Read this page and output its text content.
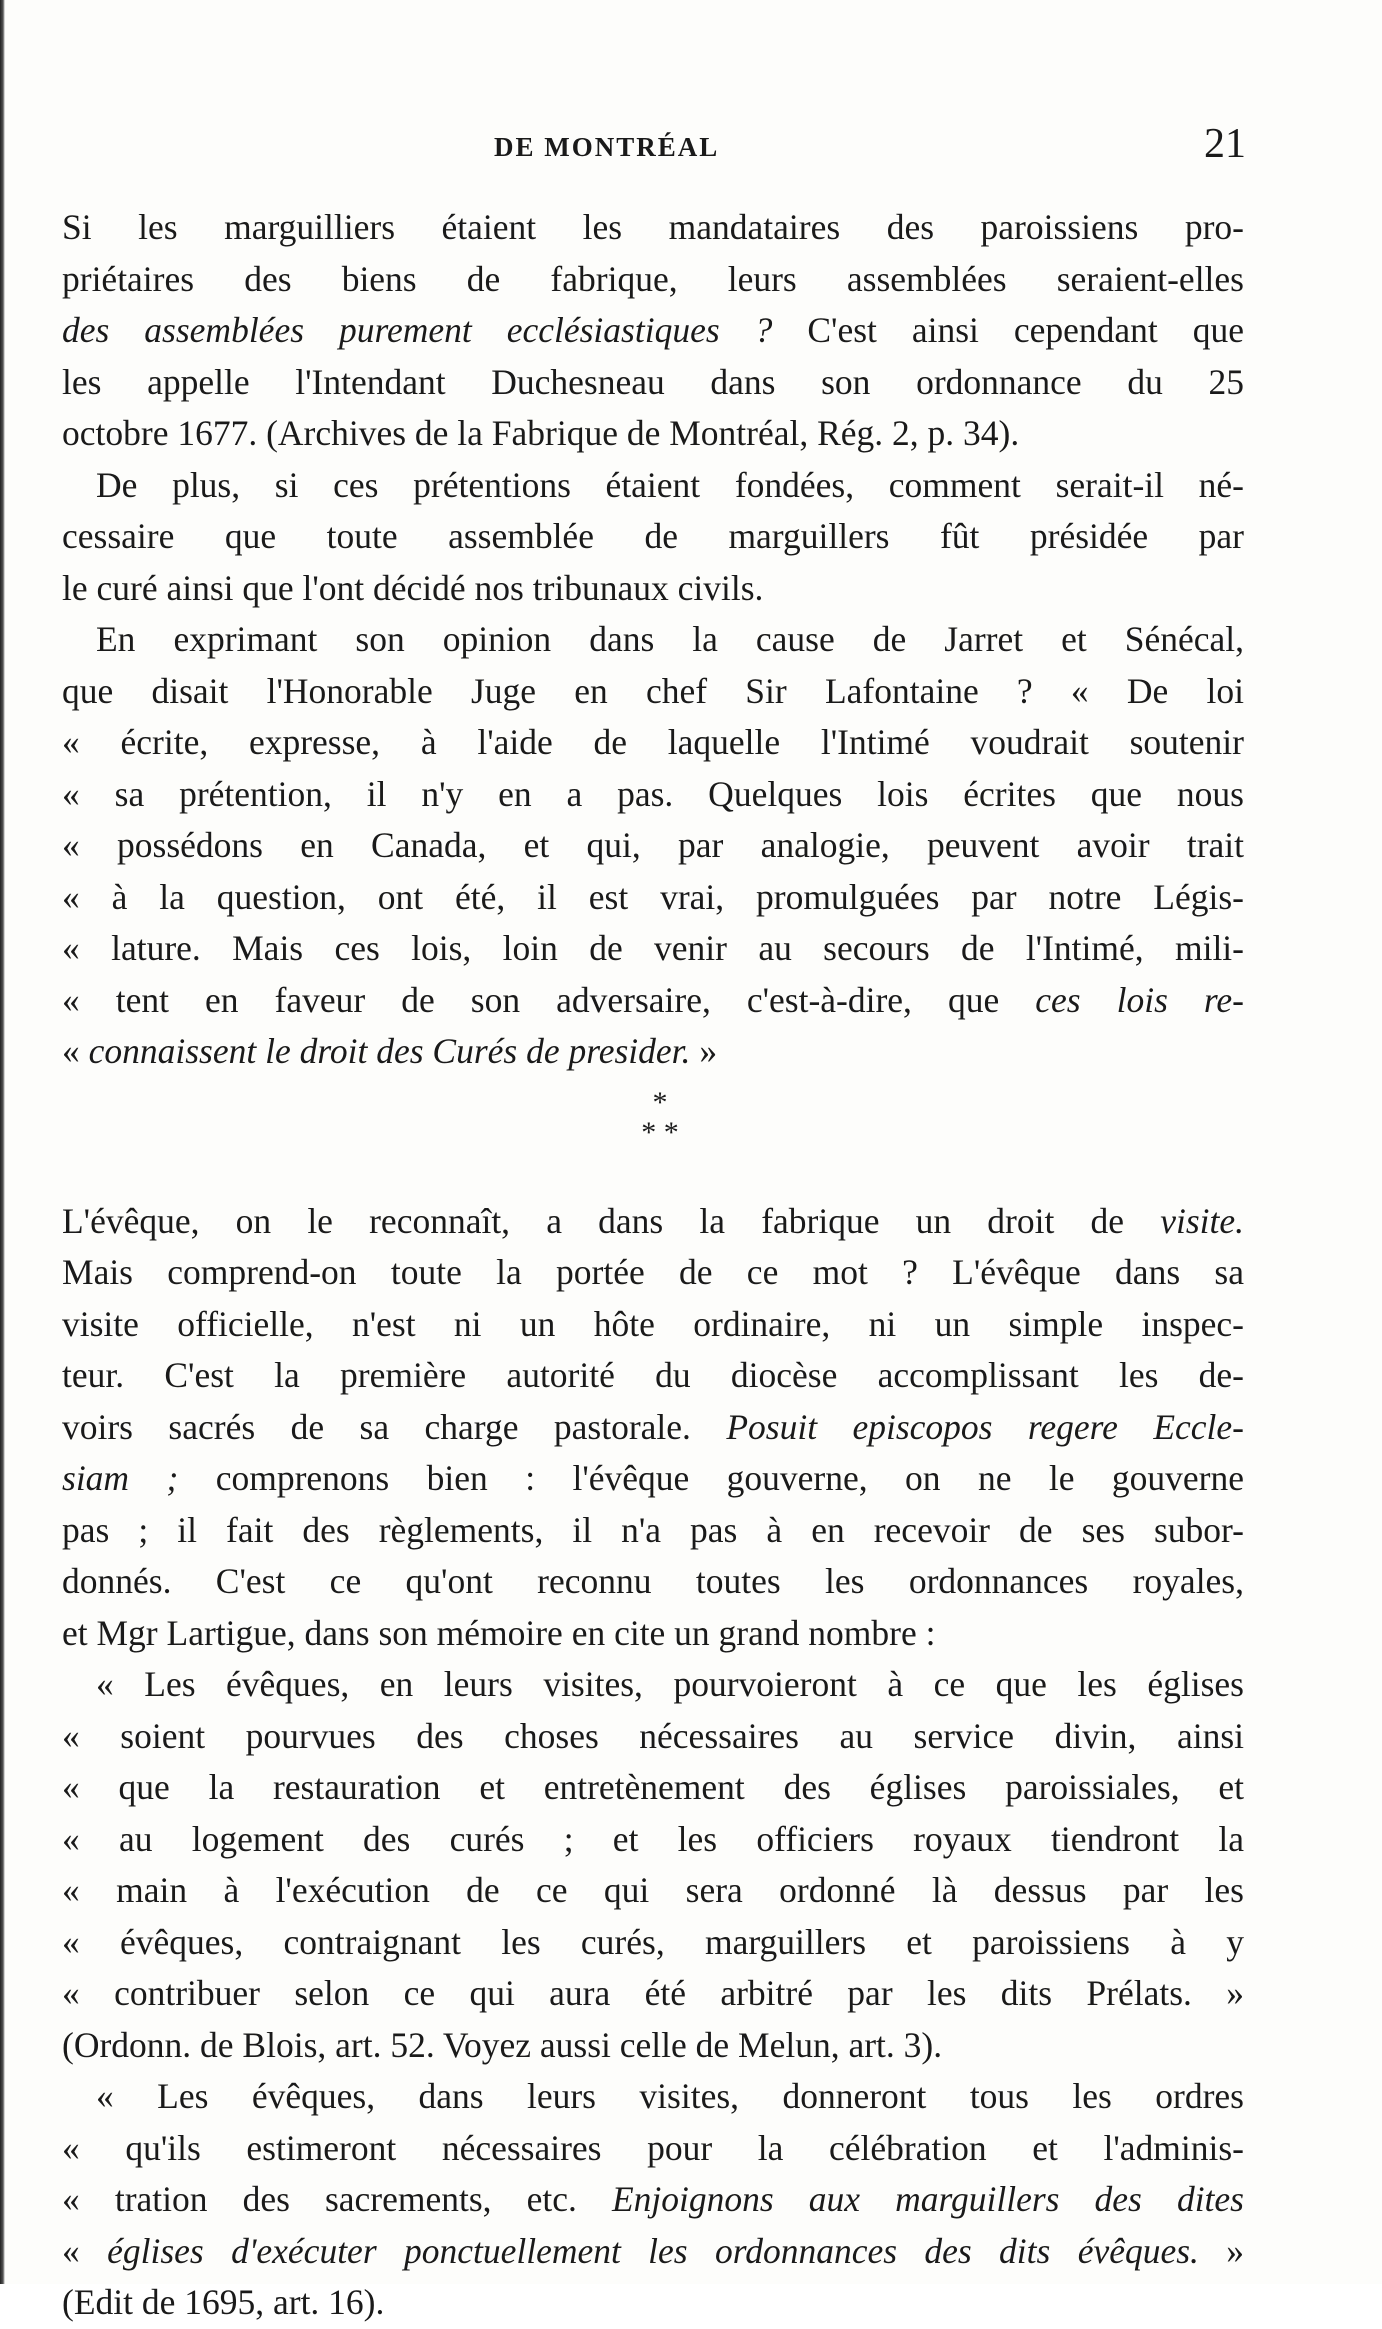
DE MONTRÉAL	21
Si les marguilliers étaient les mandataires des paroissiens pro-
priétaires des biens de fabrique, leurs assemblées seraient-elles
des assemblées purement ecclésiastiques ? C'est ainsi cependant que
les appelle l'Intendant Duchesneau dans son ordonnance du 25
octobre 1677. (Archives de la Fabrique de Montréal, Rég. 2, p. 34).
De plus, si ces prétentions étaient fondées, comment serait-il né-
cessaire que toute assemblée de marguillers fût présidée par
le curé ainsi que l'ont décidé nos tribunaux civils.
En exprimant son opinion dans la cause de Jarret et Sénécal,
que disait l'Honorable Juge en chef Sir Lafontaine ? « De loi
« écrite, expresse, à l'aide de laquelle l'Intimé voudrait soutenir
« sa prétention, il n'y en a pas. Quelques lois écrites que nous
« possédons en Canada, et qui, par analogie, peuvent avoir trait
« à la question, ont été, il est vrai, promulguées par notre Légis-
« lature. Mais ces lois, loin de venir au secours de l'Intimé, mili-
« tent en faveur de son adversaire, c'est-à-dire, que ces lois re-
« connaissent le droit des Curés de presider. »
*
* *
L'évêque, on le reconnaît, a dans la fabrique un droit de visite.
Mais comprend-on toute la portée de ce mot ? L'évêque dans sa
visite officielle, n'est ni un hôte ordinaire, ni un simple inspec-
teur. C'est la première autorité du diocèse accomplissant les de-
voirs sacrés de sa charge pastorale. Posuit episcopos regere Eccle-
siam ; comprenons bien : l'évêque gouverne, on ne le gouverne
pas ; il fait des règlements, il n'a pas à en recevoir de ses subor-
donnés. C'est ce qu'ont reconnu toutes les ordonnances royales,
et Mgr Lartigue, dans son mémoire en cite un grand nombre :
« Les évêques, en leurs visites, pourvoieront à ce que les églises
« soient pourvues des choses nécessaires au service divin, ainsi
« que la restauration et entretènement des églises paroissiales, et
« au logement des curés ; et les officiers royaux tiendront la
« main à l'exécution de ce qui sera ordonné là dessus par les
« évêques, contraignant les curés, marguillers et paroissiens à y
« contribuer selon ce qui aura été arbitré par les dits Prélats. »
(Ordonn. de Blois, art. 52. Voyez aussi celle de Melun, art. 3).
« Les évêques, dans leurs visites, donneront tous les ordres
« qu'ils estimeront nécessaires pour la célébration et l'adminis-
« tration des sacrements, etc. Enjoignons aux marguillers des dites
« églises d'exécuter ponctuellement les ordonnances des dits évêques. »
(Edit de 1695, art. 16).
